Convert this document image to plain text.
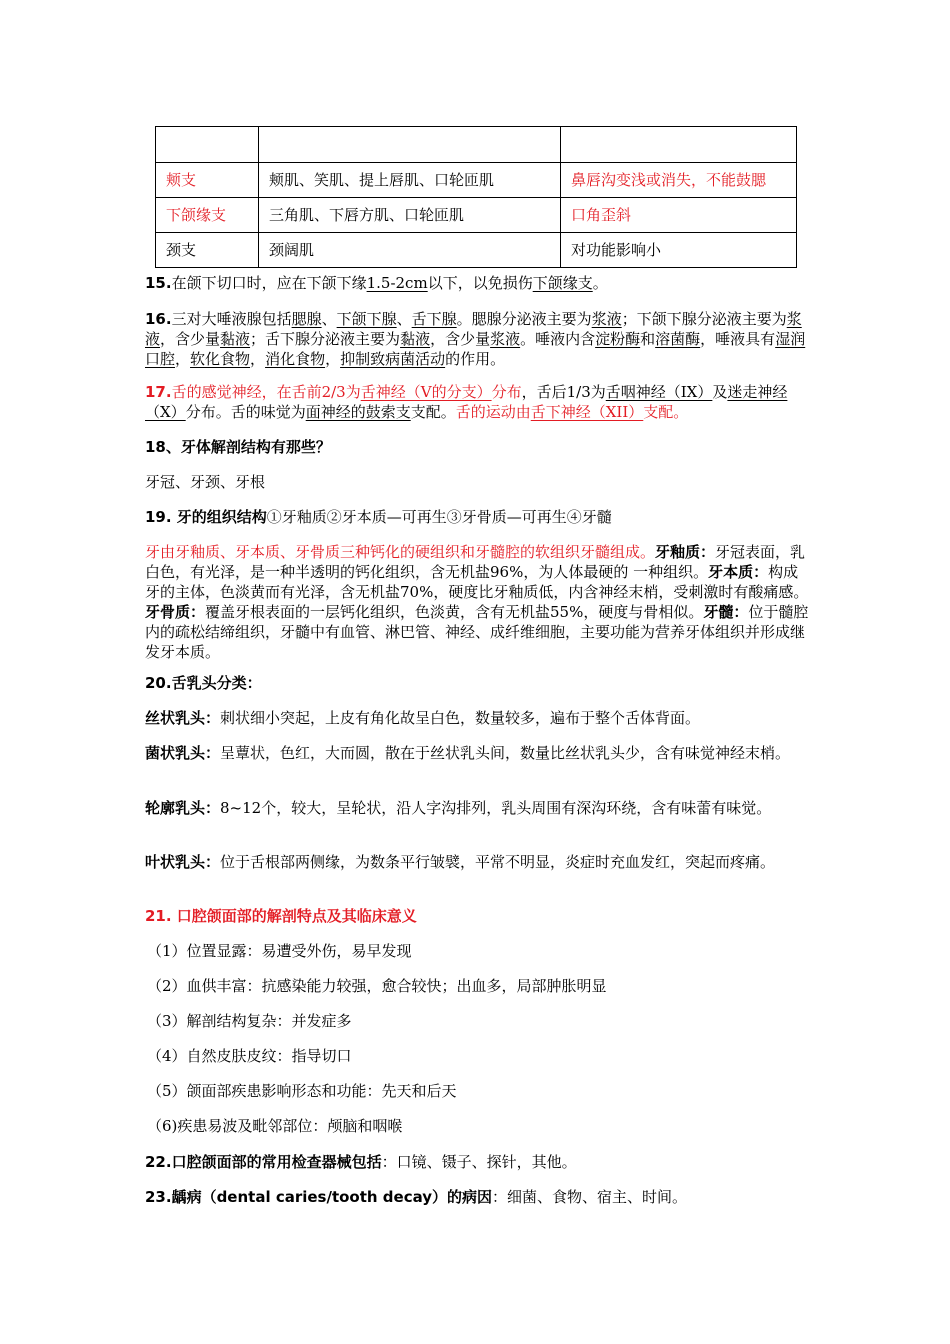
颊支	颊肌、笑肌、提上唇肌、口轮匝肌	鼻唇沟变浅或消失，不能鼓腮
下颌缘支	三角肌、下唇方肌、口轮匝肌	口角歪斜
颈支	颈阔肌	对功能影响小

15.在颌下切口时，应在下颌下缘1.5-2cm以下，以免损伤下颌缘支。

16.三对大唾液腺包括腮腺、下颌下腺、舌下腺。腮腺分泌液主要为浆液；下颌下腺分泌液主要为浆液，含少量黏液；舌下腺分泌液主要为黏液，含少量浆液。唾液内含淀粉酶和溶菌酶，唾液具有湿润口腔，软化食物，消化食物，抑制致病菌活动的作用。

17.舌的感觉神经，在舌前2/3为舌神经（V的分支）分布，舌后1/3为舌咽神经（IX）及迷走神经（X）分布。舌的味觉为面神经的鼓索支支配。舌的运动由舌下神经（XII）支配。

18、牙体解剖结构有那些？

牙冠、牙颈、牙根

19. 牙的组织结构①牙釉质②牙本质—可再生③牙骨质—可再生④牙髓

牙由牙釉质、牙本质、牙骨质三种钙化的硬组织和牙髓腔的软组织牙髓组成。牙釉质：牙冠表面，乳白色，有光泽，是一种半透明的钙化组织，含无机盐96%，为人体最硬的 一种组织。牙本质：构成牙的主体，色淡黄而有光泽，含无机盐70%，硬度比牙釉质低，内含神经末梢，受刺激时有酸痛感。牙骨质：覆盖牙根表面的一层钙化组织，色淡黄，含有无机盐55%，硬度与骨相似。牙髓：位于髓腔内的疏松结缔组织，牙髓中有血管、淋巴管、神经、成纤维细胞，主要功能为营养牙体组织并形成继发牙本质。

20.舌乳头分类：

丝状乳头：刺状细小突起，上皮有角化故呈白色，数量较多，遍布于整个舌体背面。

菌状乳头：呈蕈状，色红，大而圆，散在于丝状乳头间，数量比丝状乳头少，含有味觉神经末梢。

轮廓乳头：8~12个，较大，呈轮状，沿人字沟排列，乳头周围有深沟环绕，含有味蕾有味觉。

叶状乳头：位于舌根部两侧缘，为数条平行皱襞，平常不明显，炎症时充血发红，突起而疼痛。

21. 口腔颌面部的解剖特点及其临床意义

（1）位置显露：易遭受外伤，易早发现

（2）血供丰富：抗感染能力较强，愈合较快；出血多，局部肿胀明显

（3）解剖结构复杂：并发症多

（4）自然皮肤皮纹：指导切口

（5）颌面部疾患影响形态和功能：先天和后天

（6)疾患易波及毗邻部位：颅脑和咽喉

22.口腔颌面部的常用检查器械包括：口镜、镊子、探针，其他。

23.龋病（dental caries/tooth decay）的病因：细菌、食物、宿主、时间。
